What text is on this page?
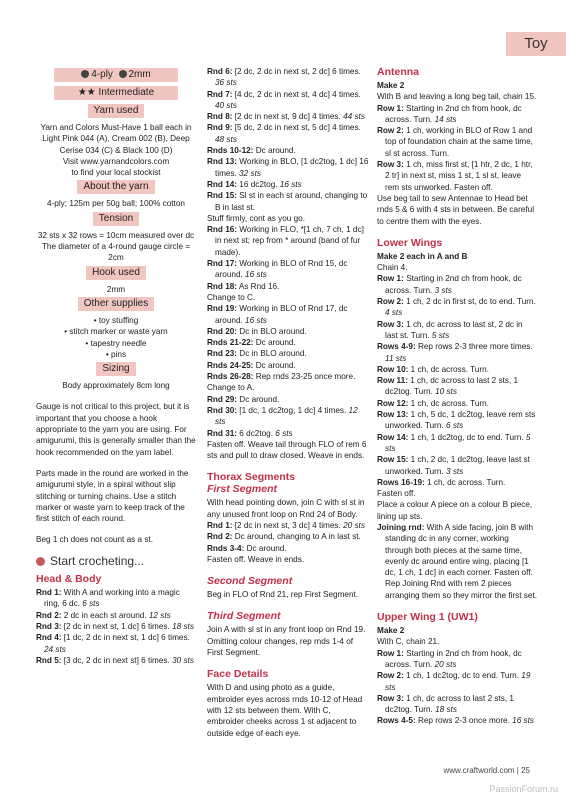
Toy
4-ply 2mm
★★ Intermediate
Yarn used
Yarn and Colors Must-Have 1 ball each in Light Pink 044 (A), Cream 002 (B), Deep Cerise 034 (C) & Black 100 (D)
Visit www.yarnandcolors.com
to find your local stockist
About the yarn
4-ply; 125m per 50g ball; 100% cotton
Tension
32 sts x 32 rows = 10cm measured over dc The diameter of a 4-round gauge circle = 2cm
Hook used
2mm
Other supplies
• toy stuffing
• stitch marker or waste yarn
• tapestry needle
• pins
Sizing
Body approximately 8cm long

Gauge is not critical to this project, but it is important that you choose a hook appropriate to the yarn you are using. For amigurumi, this is generally smaller than the hook recommended on the yarn label.

Parts made in the round are worked in the amigurumi style, in a spiral without slip stitching or turning chains. Use a stitch marker or waste yarn to keep track of the first stitch of each round.

Beg 1 ch does not count as a st.

Start crocheting...
Head & Body

Rnd 1: With A and working into a magic ring, 6 dc. 6 sts

Rnd 2: 2 dc in each st around. 12 sts

Rnd 3: [2 dc in next st, 1 dc] 6 times. 18 sts

Rnd 4: [1 dc, 2 dc in next st, 1 dc] 6 times. 24 sts

Rnd 5: [3 dc, 2 dc in next st] 6 times. 30 sts

Rnd 6: [2 dc, 2 dc in next st, 2 dc] 6 times. 36 sts

Rnd 7: [4 dc, 2 dc in next st, 4 dc] 4 times. 40 sts

Rnd 8: [2 dc in next st, 9 dc] 4 times. 44 sts

Rnd 9: [5 dc, 2 dc in next st, 5 dc] 4 times. 48 sts

Rnds 10-12: Dc around.

Rnd 13: Working in BLO, [1 dc2tog, 1 dc] 16 times. 32 sts

Rnd 14: 16 dc2tog. 16 sts

Rnd 15: Sl st in each st around, changing to B in last st.

Stuff firmly, cont as you go.

Rnd 16: Working in FLO, *[1 ch, 7 ch, 1 dc] in next st; rep from * around (band of fur made).

Rnd 17: Working in BLO of Rnd 15, dc around. 16 sts

Rnd 18: As Rnd 16.

Change to C.

Rnd 19: Working in BLO of Rnd 17, dc around. 16 sts

Rnd 20: Dc in BLO around.

Rnds 21-22: Dc around.

Rnd 23: Dc in BLO around.

Rnds 24-25: Dc around.

Rnds 26-28: Rep rnds 23-25 once more.

Change to A.

Rnd 29: Dc around.

Rnd 30: [1 dc, 1 dc2tog, 1 dc] 4 times. 12 sts

Rnd 31: 6 dc2tog. 6 sts

Fasten off. Weave tail through FLO of rem 6 sts and pull to draw closed. Weave in ends.

Thorax Segments
First Segment

With head pointing down, join C with sl st in any unused front loop on Rnd 24 of Body.

Rnd 1: [2 dc in next st, 3 dc] 4 times. 20 sts

Rnd 2: Dc around, changing to A in last st.

Rnds 3-4: Dc around.

Fasten off. Weave in ends.

Second Segment

Beg in FLO of Rnd 21, rep First Segment.

Third Segment

Join A with sl st in any front loop on Rnd 19. Omitting colour changes, rep rnds 1-4 of First Segment.

Face Details

With D and using photo as a guide, embroider eyes across rnds 10-12 of Head with 12 sts between them. With C, embroider cheeks across 1 st adjacent to outside edge of each eye.

Antenna

Make 2

With B and leaving a long beg tail, chain 15.

Row 1: Starting in 2nd ch from hook, dc across. Turn. 14 sts

Row 2: 1 ch, working in BLO of Row 1 and top of foundation chain at the same time, sl st across. Turn.

Row 3: 1 ch, miss first st, [1 htr, 2 dc, 1 htr, 2 tr] in next st, miss 1 st, 1 sl st, leave rem sts unworked. Fasten off.

Use beg tail to sew Antennae to Head bet rnds 5 & 6 with 4 sts in between. Be careful to centre them with the eyes.

Lower Wings

Make 2 each in A and B

Chain 4.

Row 1: Starting in 2nd ch from hook, dc across. Turn. 3 sts

Row 2: 1 ch, 2 dc in first st, dc to end. Turn. 4 sts

Row 3: 1 ch, dc across to last st, 2 dc in last st. Turn. 5 sts

Rows 4-9: Rep rows 2-3 three more times. 11 sts

Row 10: 1 ch, dc across. Turn.

Row 11: 1 ch, dc across to last 2 sts, 1 dc2tog. Turn. 10 sts

Row 12: 1 ch, dc across. Turn.

Row 13: 1 ch, 5 dc, 1 dc2tog, leave rem sts unworked. Turn. 6 sts

Row 14: 1 ch, 1 dc2tog, dc to end. Turn. 5 sts

Row 15: 1 ch, 2 dc, 1 dc2tog, leave last st unworked. Turn. 3 sts

Rows 16-19: 1 ch, dc across. Turn.

Fasten off.

Place a colour A piece on a colour B piece, lining up sts.

Joining rnd: With A side facing, join B with standing dc in any corner, working through both pieces at the same time, evenly dc around entire wing, placing [1 dc, 1 ch, 1 dc] in each corner. Fasten off. Rep Joining Rnd with rem 2 pieces arranging them so they mirror the first set.

Upper Wing 1 (UW1)

Make 2

With C, chain 21.

Row 1: Starting in 2nd ch from hook, dc across. Turn. 20 sts

Row 2: 1 ch, 1 dc2tog, dc to end. Turn. 19 sts

Row 3: 1 ch, dc across to last 2 sts, 1 dc2tog. Turn. 18 sts

Rows 4-5: Rep rows 2-3 once more. 16 sts

www.craftworld.com | 25
PassionForum.ru
